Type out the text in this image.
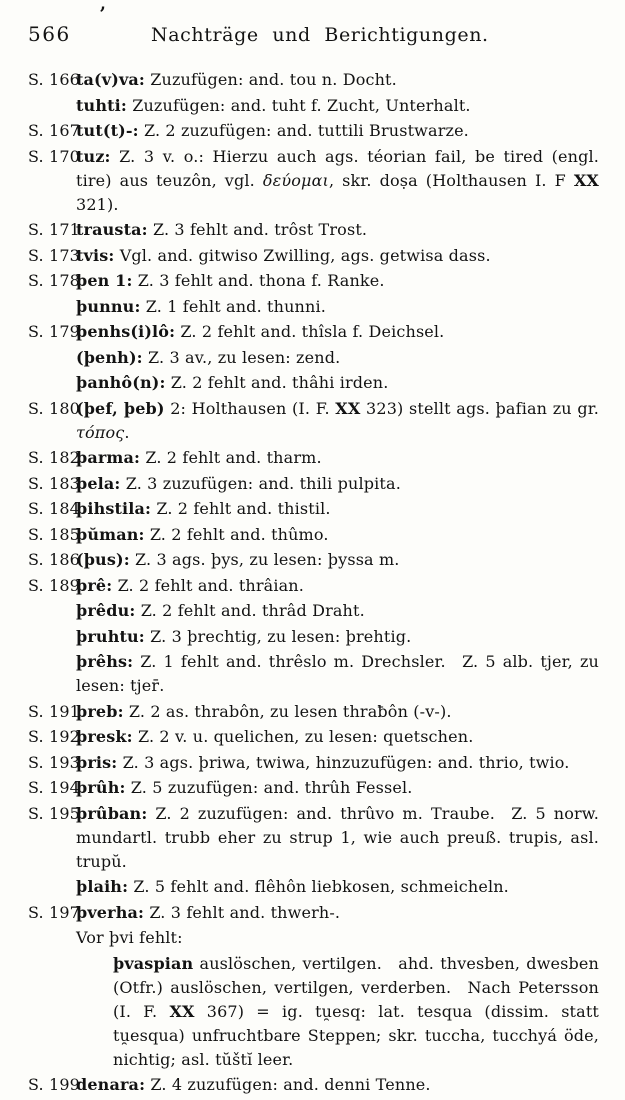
,
566	Nachträge und Berichtigungen.

S. 166
ta(v)va: Zuzufügen: and. tou n. Docht.

tuhti: Zuzufügen: and. tuht f. Zucht, Unterhalt.

S. 167
tut(t)-: Z. 2 zuzufügen: and. tuttili Brustwarze.

S. 170
tuz: Z. 3 v. o.: Hierzu auch ags. téorian fail, be tired (engl. tire) aus teuzôn, vgl. δεύομαι, skr. doṣa (Holthausen I. F XX 321).

S. 171
trausta: Z. 3 fehlt and. trôst Trost.

S. 173
tvis: Vgl. and. gitwiso Zwilling, ags. getwisa dass.

S. 178
þen 1: Z. 3 fehlt and. thona f. Ranke.

þunnu: Z. 1 fehlt and. thunni.

S. 179
þenhs(i)lô: Z. 2 fehlt and. thîsla f. Deichsel.

(þenh): Z. 3 av., zu lesen: zend.

þanhô(n): Z. 2 fehlt and. thâhi irden.

S. 180
(þef, þeb) 2: Holthausen (I. F. XX 323) stellt ags. þafian zu gr. τόπος.

S. 182
þarma: Z. 2 fehlt and. tharm.

S. 183
þela: Z. 3 zuzufügen: and. thili pulpita.

S. 184
þihstila: Z. 2 fehlt and. thistil.

S. 185
þŭman: Z. 2 fehlt and. thûmo.

S. 186
(þus): Z. 3 ags. þys, zu lesen: þyssa m.

S. 189
þrê: Z. 2 fehlt and. thrâian.

þrêdu: Z. 2 fehlt and. thrâd Draht.

þruhtu: Z. 3 þrechtig, zu lesen: þrehtig.

þrêhs: Z. 1 fehlt and. thrêslo m. Drechsler.  Z. 5 alb. tjer, zu lesen: tjer̄.

S. 191
þreb: Z. 2 as. thrabôn, zu lesen thraƀôn (-v-).

S. 192
þresk: Z. 2 v. u. quelichen, zu lesen: quetschen.

S. 193
þris: Z. 3 ags. þriwa, twiwa, hinzuzufügen: and. thrio, twio.

S. 194
þrûh: Z. 5 zuzufügen: and. thrûh Fessel.

S. 195
þrûban: Z. 2 zuzufügen: and. thrûvo m. Traube.  Z. 5 norw. mundartl. trubb eher zu strup 1, wie auch preuß. trupis, asl. trupŭ.

þlaih: Z. 5 fehlt and. flêhôn liebkosen, schmeicheln.

S. 197
þverha: Z. 3 fehlt and. thwerh-.

Vor þvi fehlt:

þvaspian auslöschen, vertilgen.  ahd. thvesben, dwesben (Otfr.) auslöschen, vertilgen, verderben.  Nach Petersson (I. F. XX 367) = ig. tu̯esq: lat. tesqua (dissim. statt tu̯esqua) unfruchtbare Steppen; skr. tuccha, tucchyá öde, nichtig; asl. tŭštĭ leer.

S. 199
denara: Z. 4 zuzufügen: and. denni Tenne.
